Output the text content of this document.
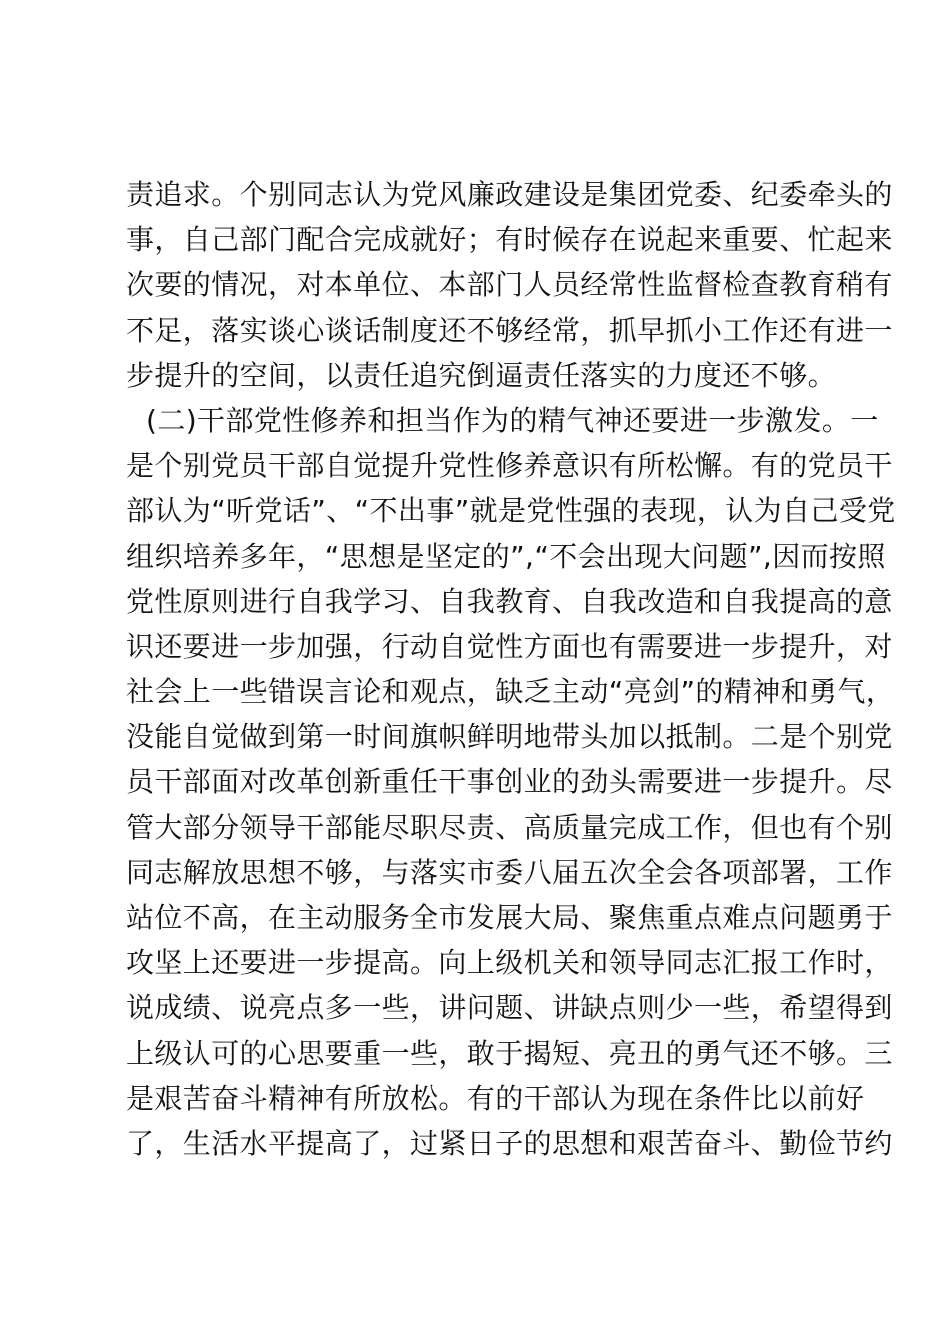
责追求。个别同志认为党风廉政建设是集团党委、纪委牵头的
事，自己部门配合完成就好；有时候存在说起来重要、忙起来
次要的情况，对本单位、本部门人员经常性监督检查教育稍有
不足，落实谈心谈话制度还不够经常，抓早抓小工作还有进一
步提升的空间，以责任追究倒逼责任落实的力度还不够。
(二)干部党性修养和担当作为的精气神还要进一步激发。一
是个别党员干部自觉提升党性修养意识有所松懈。有的党员干
部认为“听党话”、“不出事”就是党性强的表现，认为自己受党
组织培养多年，“思想是坚定的”,“不会出现大问题”,因而按照
党性原则进行自我学习、自我教育、自我改造和自我提高的意
识还要进一步加强，行动自觉性方面也有需要进一步提升，对
社会上一些错误言论和观点，缺乏主动“亮剑”的精神和勇气，
没能自觉做到第一时间旗帜鲜明地带头加以抵制。二是个别党
员干部面对改革创新重任干事创业的劲头需要进一步提升。尽
管大部分领导干部能尽职尽责、高质量完成工作，但也有个别
同志解放思想不够，与落实市委八届五次全会各项部署，工作
站位不高，在主动服务全市发展大局、聚焦重点难点问题勇于
攻坚上还要进一步提高。向上级机关和领导同志汇报工作时，
说成绩、说亮点多一些，讲问题、讲缺点则少一些，希望得到
上级认可的心思要重一些，敢于揭短、亮丑的勇气还不够。三
是艰苦奋斗精神有所放松。有的干部认为现在条件比以前好
了，生活水平提高了，过紧日子的思想和艰苦奋斗、勤俭节约
